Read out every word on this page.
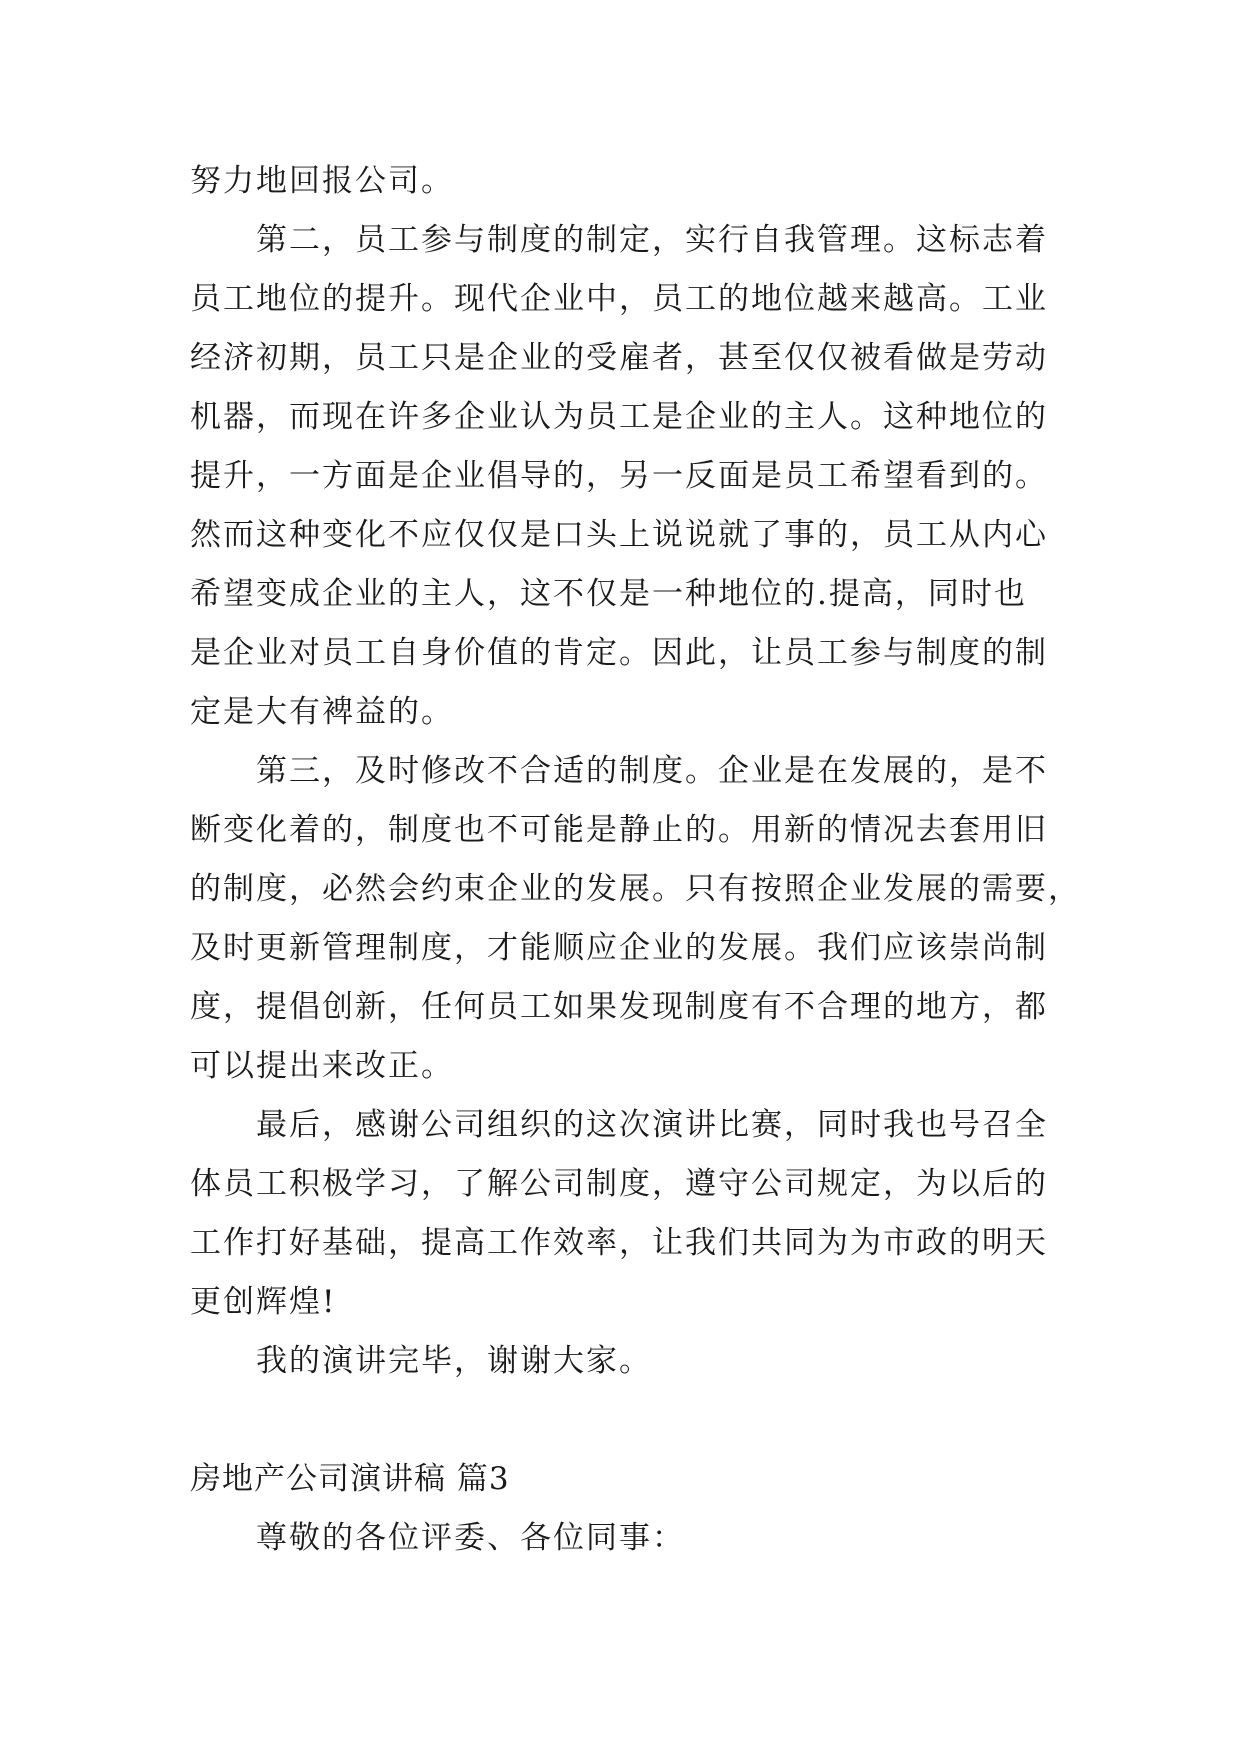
努力地回报公司。
第二，员工参与制度的制定，实行自我管理。这标志着
员工地位的提升。现代企业中，员工的地位越来越高。工业
经济初期，员工只是企业的受雇者，甚至仅仅被看做是劳动
机器，而现在许多企业认为员工是企业的主人。这种地位的
提升，一方面是企业倡导的，另一反面是员工希望看到的。
然而这种变化不应仅仅是口头上说说就了事的，员工从内心
希望变成企业的主人，这不仅是一种地位的.提高，同时也
是企业对员工自身价值的肯定。因此，让员工参与制度的制
定是大有裨益的。
第三，及时修改不合适的制度。企业是在发展的，是不
断变化着的，制度也不可能是静止的。用新的情况去套用旧
的制度，必然会约束企业的发展。只有按照企业发展的需要，
及时更新管理制度，才能顺应企业的发展。我们应该崇尚制
度，提倡创新，任何员工如果发现制度有不合理的地方，都
可以提出来改正。
最后，感谢公司组织的这次演讲比赛，同时我也号召全
体员工积极学习，了解公司制度，遵守公司规定，为以后的
工作打好基础，提高工作效率，让我们共同为为市政的明天
更创辉煌!
我的演讲完毕，谢谢大家。
房地产公司演讲稿 篇3
尊敬的各位评委、各位同事：
